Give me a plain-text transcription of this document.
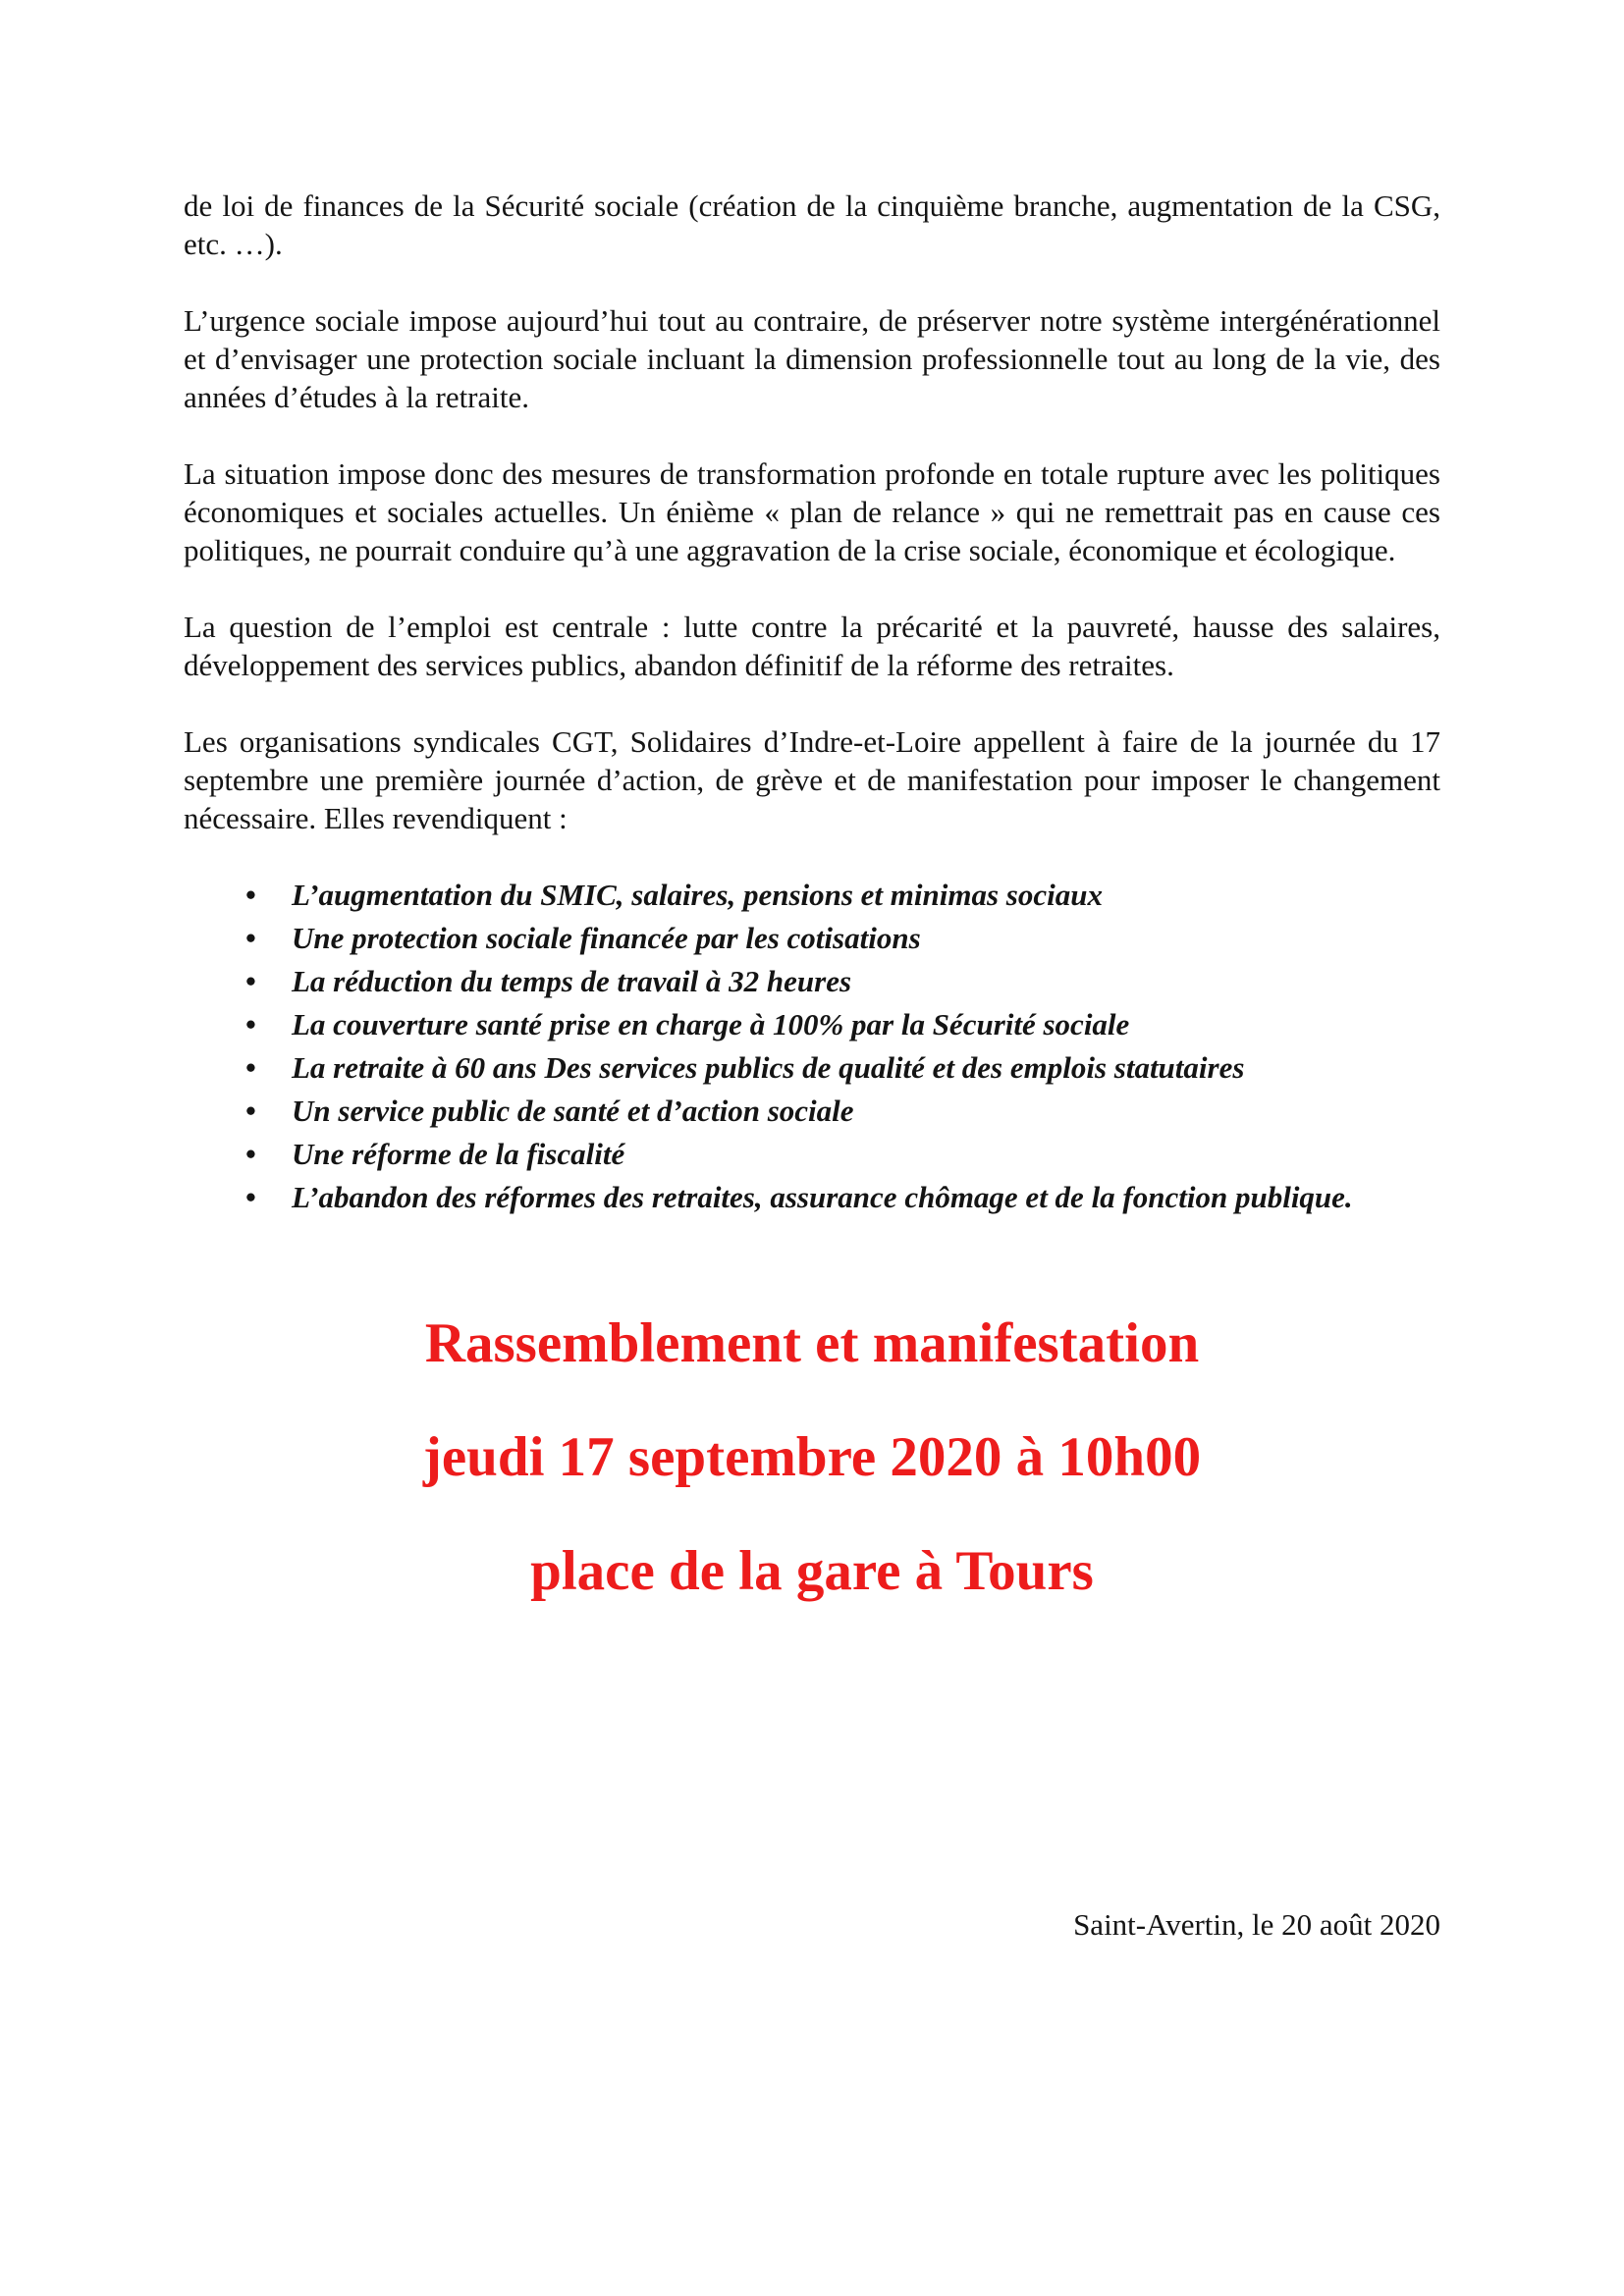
de loi de finances de la Sécurité sociale (création de la cinquième branche, augmentation de la CSG, etc. …).

L’urgence sociale impose aujourd’hui tout au contraire, de préserver notre système intergénérationnel et d’envisager une protection sociale incluant la dimension professionnelle tout au long de la vie, des années d’études à la retraite.

La situation impose donc des mesures de transformation profonde en totale rupture avec les politiques économiques et sociales actuelles. Un énième « plan de relance » qui ne remettrait pas en cause ces politiques, ne pourrait conduire qu’à une aggravation de la crise sociale, économique et écologique.

La question de l’emploi est centrale : lutte contre la précarité et la pauvreté, hausse des salaires, développement des services publics, abandon définitif de la réforme des retraites.

Les organisations syndicales CGT, Solidaires d’Indre-et-Loire appellent à faire de la journée du 17 septembre une première journée d’action, de grève et de manifestation pour imposer le changement nécessaire. Elles revendiquent :

• L’augmentation du SMIC, salaires, pensions et minimas sociaux
• Une protection sociale financée par les cotisations
• La réduction du temps de travail à 32 heures
• La couverture santé prise en charge à 100% par la Sécurité sociale
• La retraite à 60 ans Des services publics de qualité et des emplois statutaires
• Un service public de santé et d’action sociale
• Une réforme de la fiscalité
• L’abandon des réformes des retraites, assurance chômage et de la fonction publique.

Rassemblement et manifestation

jeudi 17 septembre 2020 à 10h00

place de la gare à Tours

Saint-Avertin, le 20 août 2020
